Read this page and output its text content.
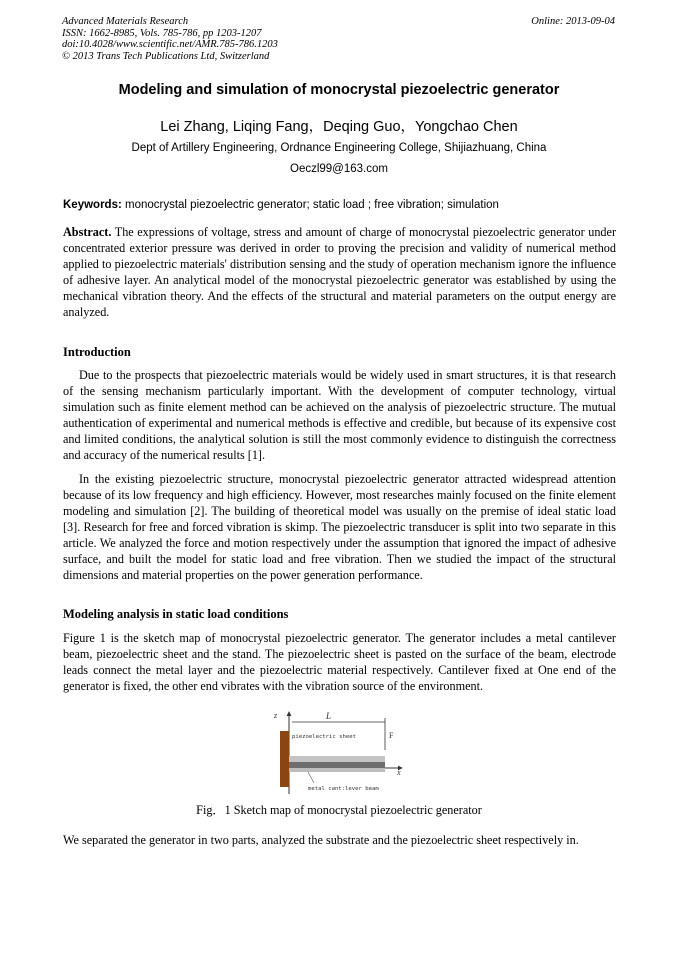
Advanced Materials Research
ISSN: 1662-8985, Vols. 785-786, pp 1203-1207
doi:10.4028/www.scientific.net/AMR.785-786.1203
© 2013 Trans Tech Publications Ltd, Switzerland
Online: 2013-09-04
Modeling and simulation of monocrystal piezoelectric generator
Lei Zhang, Liqing Fang，Deqing Guo，Yongchao Chen
Dept of Artillery Engineering, Ordnance Engineering College, Shijiazhuang, China
Oeczl99@163.com
Keywords: monocrystal piezoelectric generator; static load ; free vibration; simulation

Abstract. The expressions of voltage, stress and amount of charge of monocrystal piezoelectric generator under concentrated exterior pressure was derived in order to proving the precision and validity of numerical method applied to piezoelectric materials' distribution sensing and the study of operation mechanism ignore the influence of adhesive layer. An analytical model of the monocrystal piezoelectric generator was established by using the mechanical vibration theory. And the effects of the structural and material parameters on the output energy are analyzed.

Introduction

Due to the prospects that piezoelectric materials would be widely used in smart structures, it is that research of the sensing mechanism particularly important. With the development of computer technology, virtual simulation such as finite element method can be achieved on the analysis of piezoelectric structure. The mutual authentication of experimental and numerical methods is effective and credible, but because of its expensive cost and limited conditions, the analytical solution is still the most commonly evidence to distinguish the correctness and accuracy of the numerical results [1].

In the existing piezoelectric structure, monocrystal piezoelectric generator attracted widespread attention because of its low frequency and high efficiency. However, most researches mainly focused on the finite element modeling and simulation [2]. The building of theoretical model was usually on the premise of ideal static load [3]. Research for free and forced vibration is skimp. The piezoelectric transducer is split into two separate in this article. We analyzed the force and motion respectively under the assumption that ignored the impact of adhesive surface, and built the model for static load and free vibration. Then we studied the impact of the structural dimensions and material properties on the power generation performance.

Modeling analysis in static load conditions

Figure 1 is the sketch map of monocrystal piezoelectric generator. The generator includes a metal cantilever beam, piezoelectric sheet and the stand. The piezoelectric sheet is pasted on the surface of the beam, electrode leads connect the metal layer and the piezoelectric material respectively. Cantilever fixed at One end of the generator is fixed, the other end vibrates with the vibration source of the environment.

z
x
L
piezoelectric sheet	F
metal cant:lever beam
Fig．1 Sketch map of monocrystal piezoelectric generator

We separated the generator in two parts, analyzed the substrate and the piezoelectric sheet respectively in.
